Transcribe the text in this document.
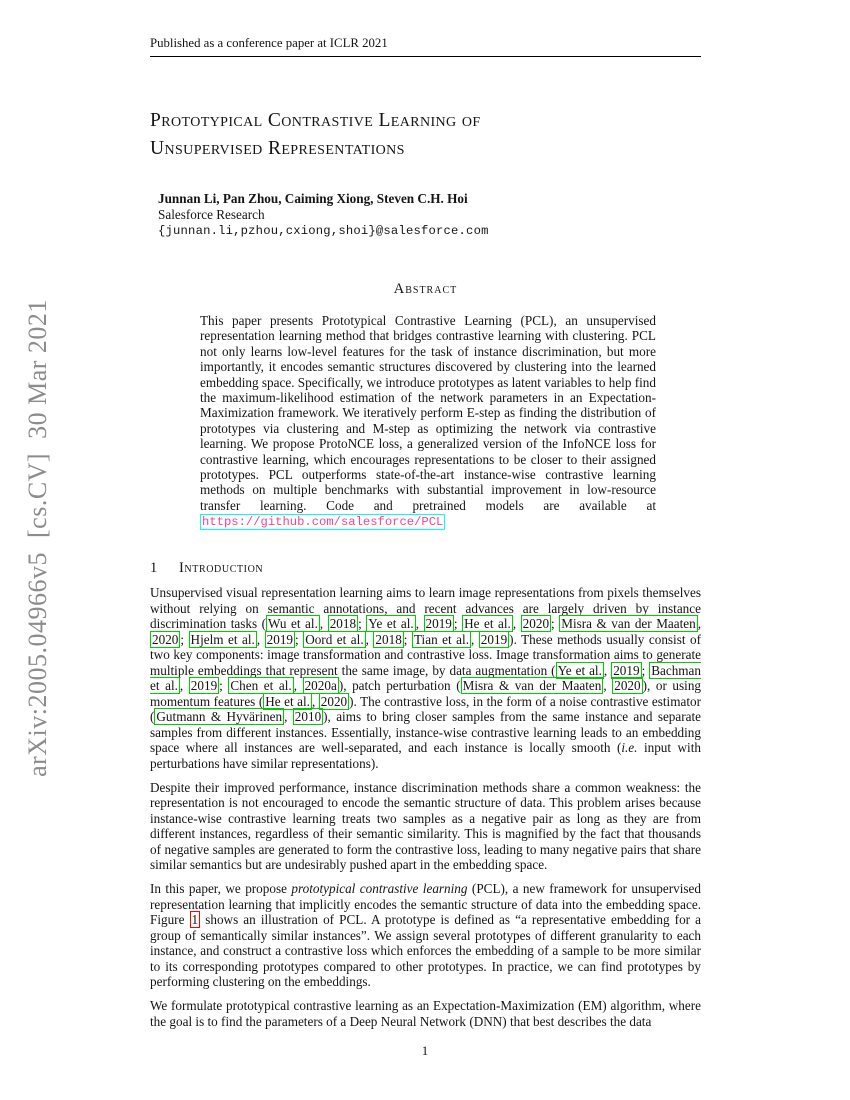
arXiv:2005.04966v5  [cs.CV]  30 Mar 2021
Published as a conference paper at ICLR 2021
Prototypical Contrastive Learning of
Unsupervised Representations
Junnan Li, Pan Zhou, Caiming Xiong, Steven C.H. Hoi
Salesforce Research
{junnan.li,pzhou,cxiong,shoi}@salesforce.com
Abstract
This paper presents Prototypical Contrastive Learning (PCL), an unsupervised representation learning method that bridges contrastive learning with clustering. PCL not only learns low-level features for the task of instance discrimination, but more importantly, it encodes semantic structures discovered by clustering into the learned embedding space. Specifically, we introduce prototypes as latent variables to help find the maximum-likelihood estimation of the network parameters in an Expectation-Maximization framework. We iteratively perform E-step as finding the distribution of prototypes via clustering and M-step as optimizing the network via contrastive learning. We propose ProtoNCE loss, a generalized version of the InfoNCE loss for contrastive learning, which encourages representations to be closer to their assigned prototypes. PCL outperforms state-of-the-art instance-wise contrastive learning methods on multiple benchmarks with substantial improvement in low-resource transfer learning. Code and pretrained models are available at https://github.com/salesforce/PCL
1 Introduction
Unsupervised visual representation learning aims to learn image representations from pixels themselves without relying on semantic annotations, and recent advances are largely driven by instance discrimination tasks ( Wu et al. , 2018 ; Ye et al. , 2019 ; He et al. , 2020 ; Misra & van der Maaten , 2020 ; Hjelm et al. , 2019 ; Oord et al. , 2018 ; Tian et al. , 2019 ). These methods usually consist of two key components: image transformation and contrastive loss. Image transformation aims to generate multiple embeddings that represent the same image, by data augmentation ( Ye et al. , 2019 ; Bachman et al. , 2019 ; Chen et al. , 2020a ), patch perturbation ( Misra & van der Maaten , 2020 ), or using momentum features ( He et al. , 2020 ). The contrastive loss, in the form of a noise contrastive estimator ( Gutmann & Hyvärinen , 2010 ), aims to bring closer samples from the same instance and separate samples from different instances. Essentially, instance-wise contrastive learning leads to an embedding space where all instances are well-separated, and each instance is locally smooth (i.e. input with perturbations have similar representations).
Despite their improved performance, instance discrimination methods share a common weakness: the representation is not encouraged to encode the semantic structure of data. This problem arises because instance-wise contrastive learning treats two samples as a negative pair as long as they are from different instances, regardless of their semantic similarity. This is magnified by the fact that thousands of negative samples are generated to form the contrastive loss, leading to many negative pairs that share similar semantics but are undesirably pushed apart in the embedding space.
In this paper, we propose prototypical contrastive learning (PCL), a new framework for unsupervised representation learning that implicitly encodes the semantic structure of data into the embedding space. Figure 1 shows an illustration of PCL. A prototype is defined as “a representative embedding for a group of semantically similar instances”. We assign several prototypes of different granularity to each instance, and construct a contrastive loss which enforces the embedding of a sample to be more similar to its corresponding prototypes compared to other prototypes. In practice, we can find prototypes by performing clustering on the embeddings.
We formulate prototypical contrastive learning as an Expectation-Maximization (EM) algorithm, where the goal is to find the parameters of a Deep Neural Network (DNN) that best describes the data
1
